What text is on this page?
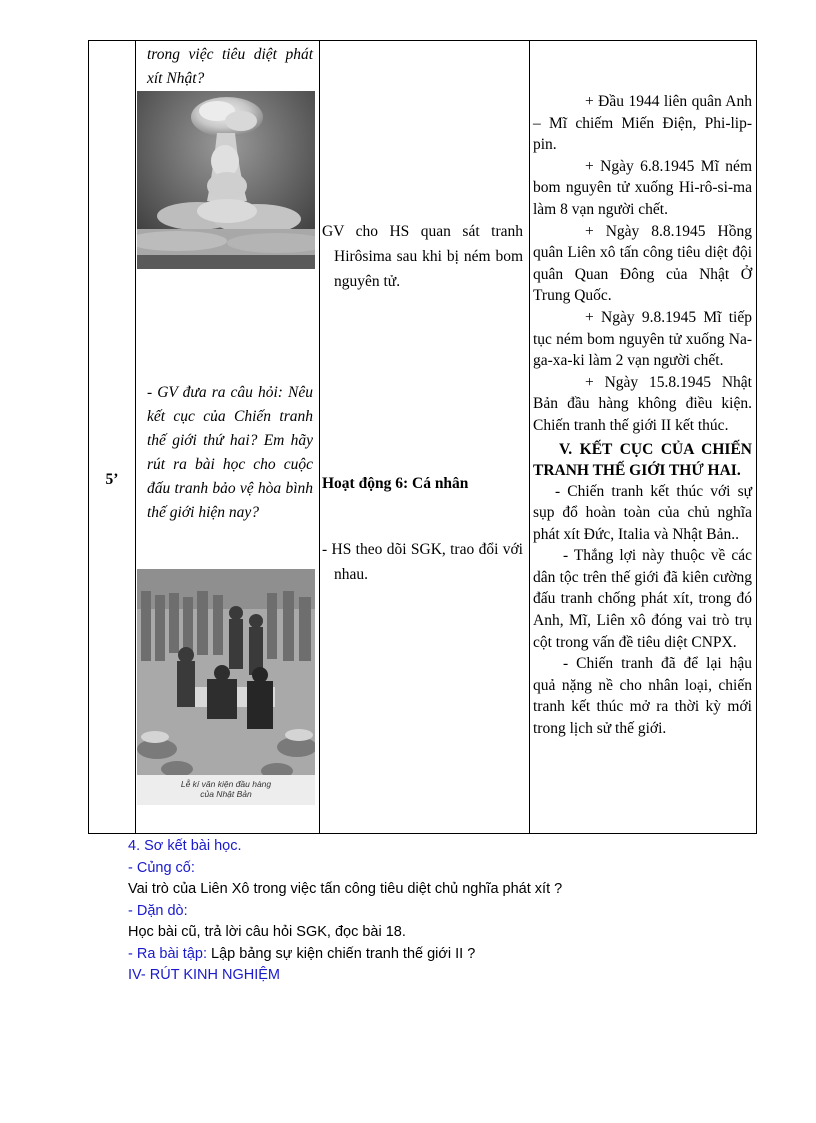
5’

trong việc tiêu diệt phát xít Nhật?

- GV đưa ra câu hỏi: Nêu kết cục của Chiến tranh thế giới thứ hai? Em hãy rút ra bài học cho cuộc đấu tranh bảo vệ hòa bình thế giới hiện nay?

Lễ kí văn kiện đầu hàng
của Nhật Bản

GV cho HS quan sát tranh Hirôsima sau khi bị ném bom nguyên tử.

Hoạt động 6: Cá nhân

- HS theo dõi SGK, trao đổi với nhau.

+ Đầu 1944 liên quân Anh – Mĩ chiếm Miến Điện, Phi-lip-pin.

+ Ngày 6.8.1945 Mĩ ném bom nguyên tử xuống Hi-rô-si-ma làm 8 vạn người chết.

+ Ngày 8.8.1945 Hồng quân Liên xô tấn công tiêu diệt đội quân Quan Đông của Nhật Ở Trung Quốc.

+ Ngày 9.8.1945 Mĩ tiếp tục ném bom nguyên tử xuống Na-ga-xa-ki làm 2 vạn người chết.

+ Ngày 15.8.1945 Nhật Bản đầu hàng không điều kiện. Chiến tranh thế giới II kết thúc.

V. KẾT CỤC CỦA CHIẾN TRANH THẾ GIỚI THỨ HAI.

- Chiến tranh kết thúc với sự sụp đổ hoàn toàn của chủ nghĩa phát xít Đức, Italia và Nhật Bản..

- Thắng lợi này thuộc về các dân tộc trên thế giới đã kiên cường đấu tranh chống phát xít, trong đó Anh, Mĩ, Liên xô đóng vai trò trụ cột trong vấn đề tiêu diệt CNPX.

- Chiến tranh đã để lại hậu quả nặng nề cho nhân loại, chiến tranh kết thúc mở ra thời kỳ mới trong lịch sử thế giới.

4. Sơ kết bài học.
- Củng cố:
Vai trò của Liên Xô trong việc tấn công tiêu diệt chủ nghĩa phát xít ?
- Dặn dò:
Học bài cũ, trả lời câu hỏi SGK, đọc bài 18.
- Ra bài tập: Lập bảng sự kiện chiến tranh thế giới II ?
IV- RÚT KINH NGHIỆM
